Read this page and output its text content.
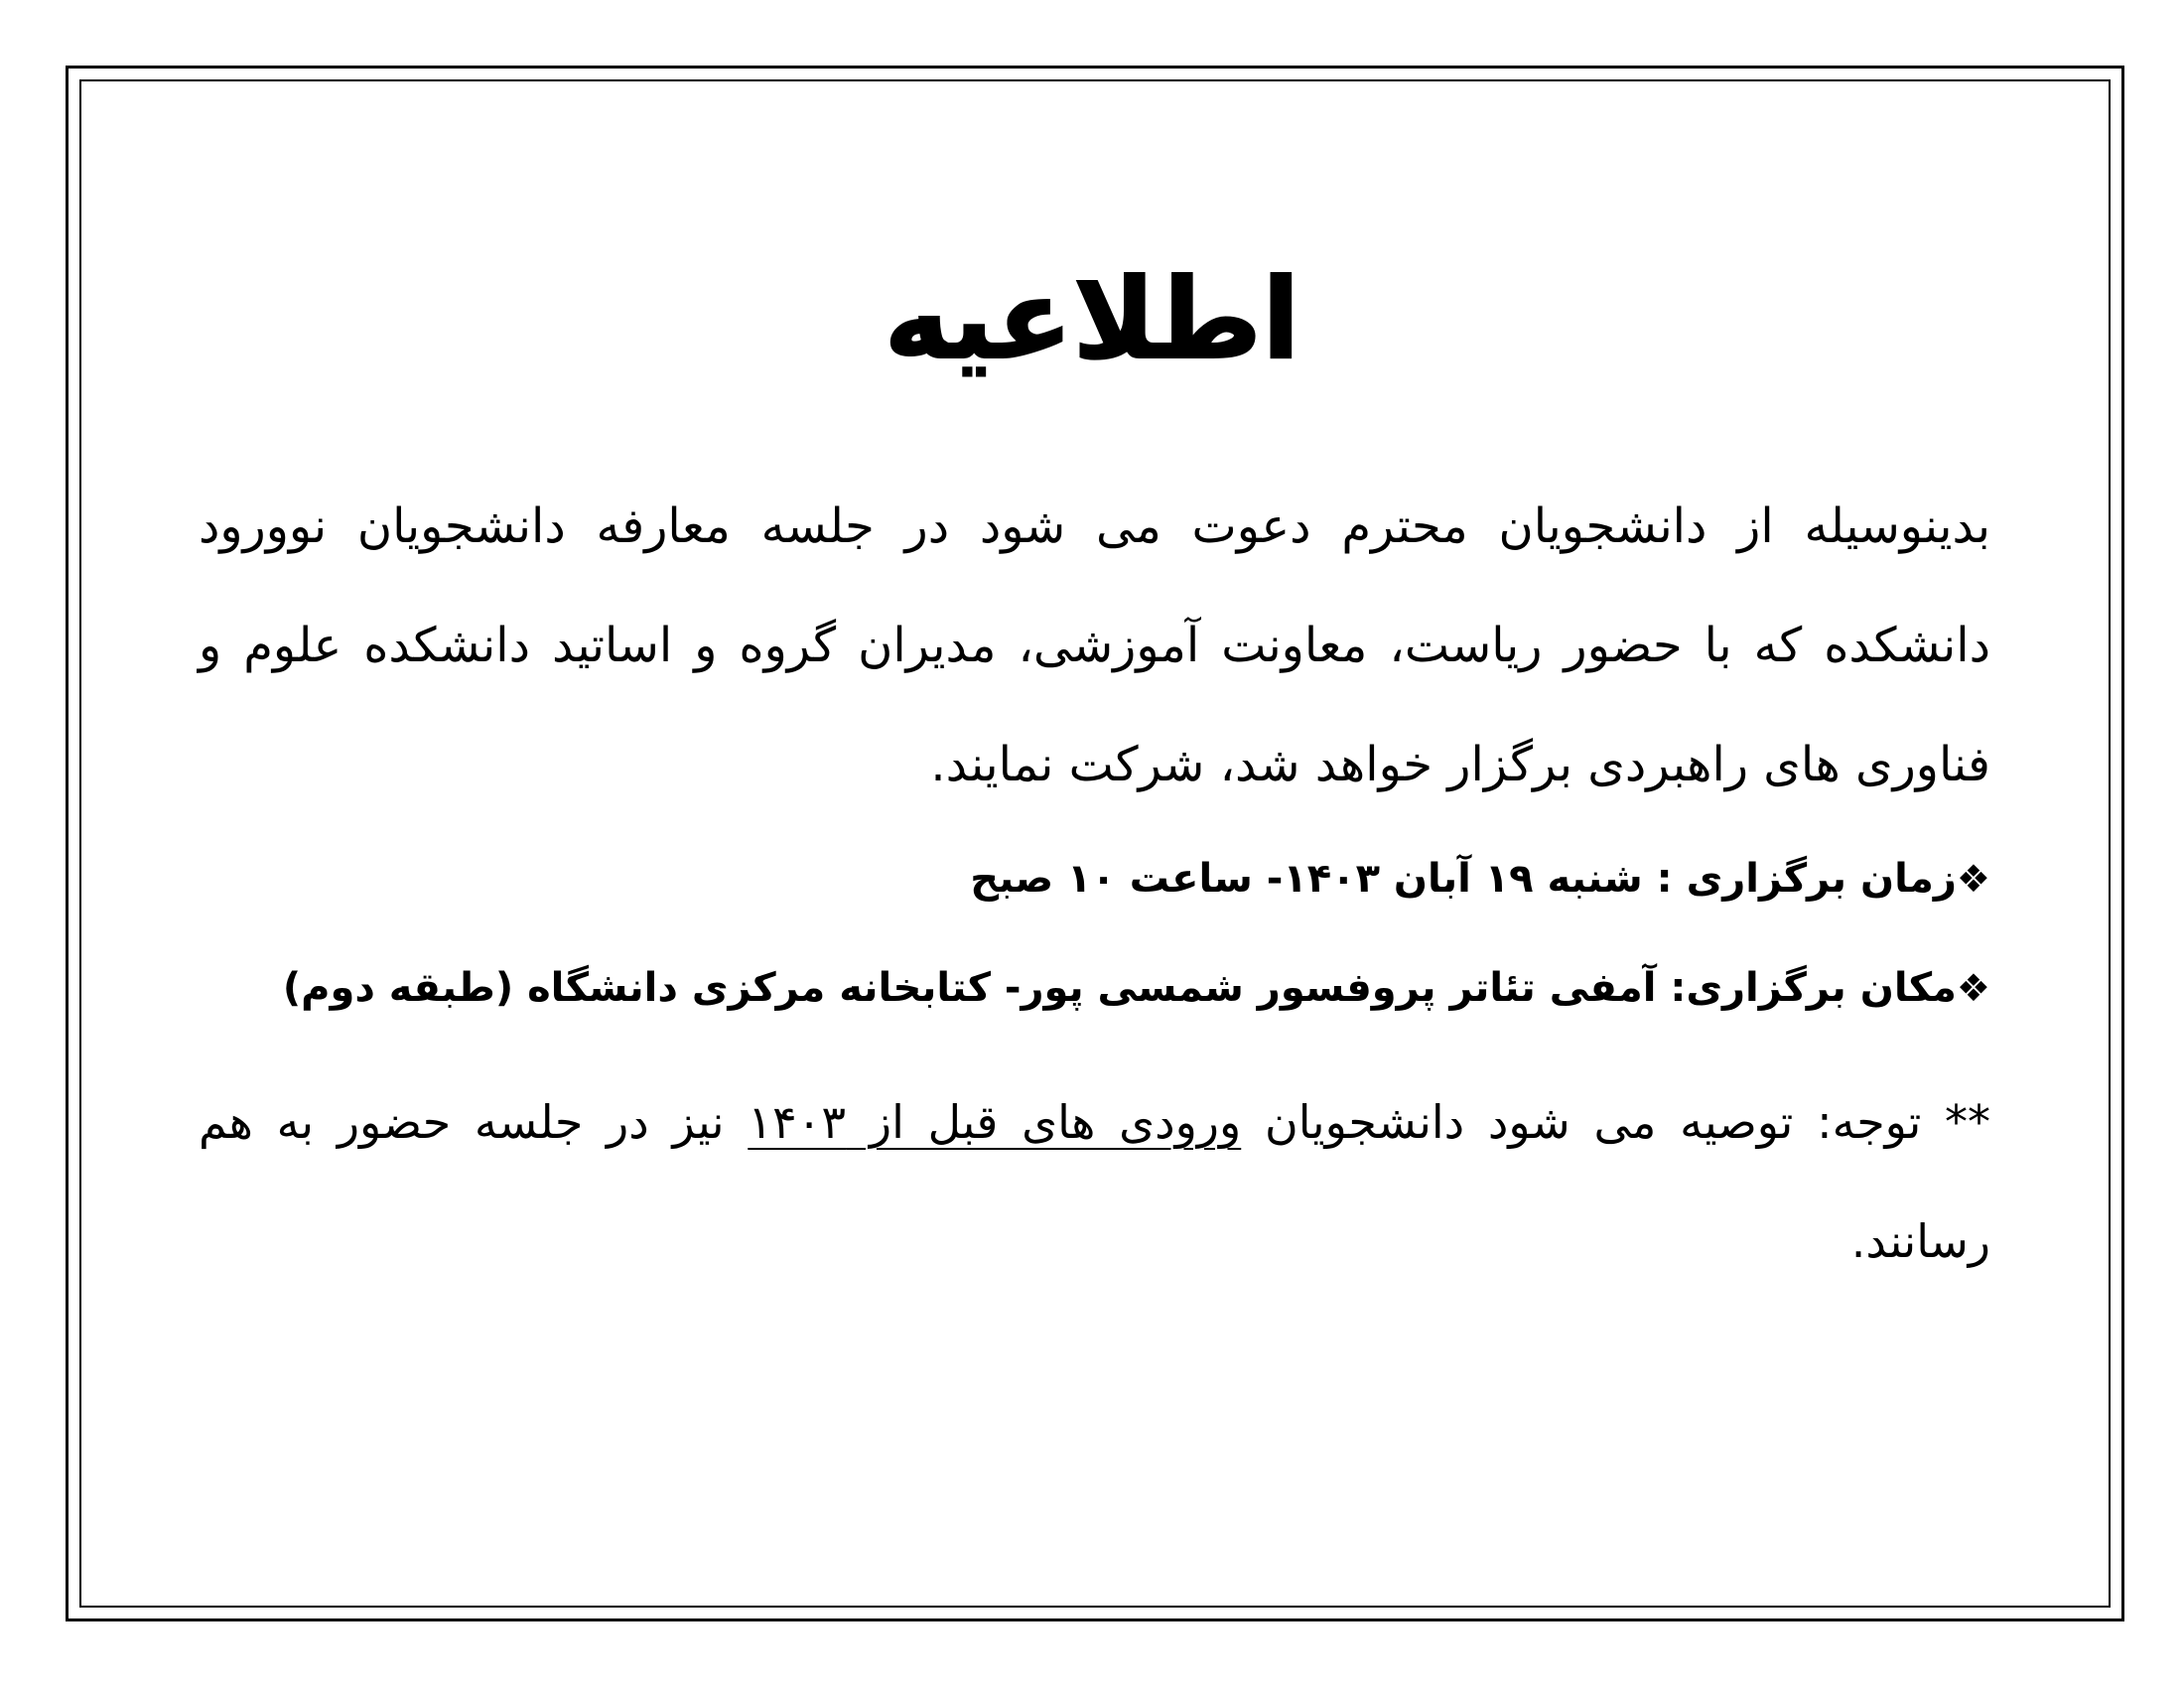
اطلاعیه

بدینوسیله از دانشجویان محترم دعوت می شود در جلسه معارفه دانشجویان نوورود دانشکده که با حضور ریاست، معاونت آموزشی، مدیران گروه و اساتید دانشکده علوم و فناوری های راهبردی برگزار خواهد شد، شرکت نمایند.

❖زمان برگزاری : شنبه ۱۹ آبان ۱۴۰۳- ساعت ۱۰ صبح

❖مکان برگزاری: آمفی تئاتر پروفسور شمسی پور- کتابخانه مرکزی دانشگاه (طبقه دوم)

** توجه: توصیه می شود دانشجویان ورودی های قبل از ۱۴۰۳ نیز در جلسه حضور به هم رسانند.
